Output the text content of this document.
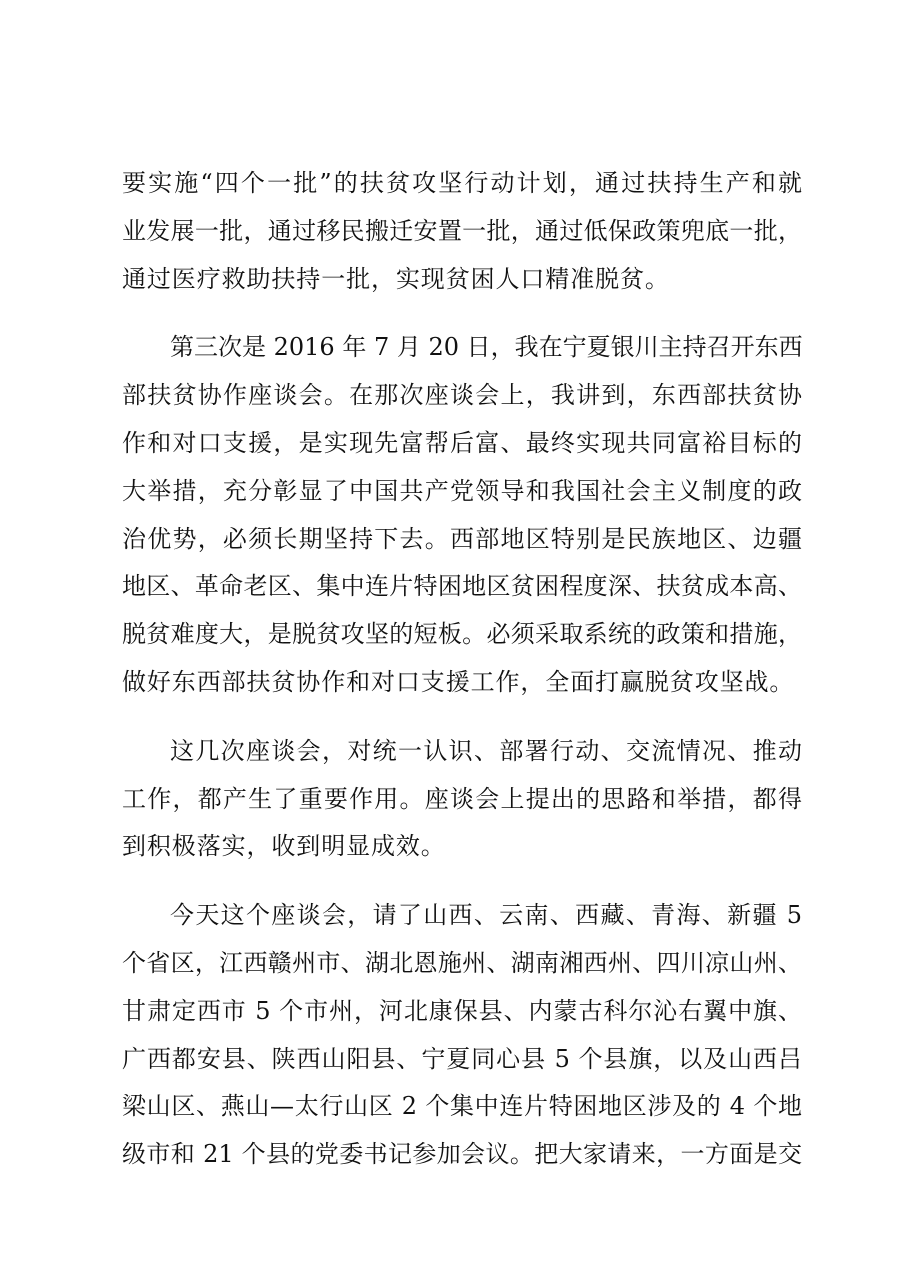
要实施“四个一批”的扶贫攻坚行动计划，通过扶持生产和就
业发展一批，通过移民搬迁安置一批，通过低保政策兜底一批，
通过医疗救助扶持一批，实现贫困人口精准脱贫。
第三次是 2016 年 7 月 20 日，我在宁夏银川主持召开东西
部扶贫协作座谈会。在那次座谈会上，我讲到，东西部扶贫协
作和对口支援，是实现先富帮后富、最终实现共同富裕目标的
大举措，充分彰显了中国共产党领导和我国社会主义制度的政
治优势，必须长期坚持下去。西部地区特别是民族地区、边疆
地区、革命老区、集中连片特困地区贫困程度深、扶贫成本高、
脱贫难度大，是脱贫攻坚的短板。必须采取系统的政策和措施，
做好东西部扶贫协作和对口支援工作，全面打赢脱贫攻坚战。
这几次座谈会，对统一认识、部署行动、交流情况、推动
工作，都产生了重要作用。座谈会上提出的思路和举措，都得
到积极落实，收到明显成效。
今天这个座谈会，请了山西、云南、西藏、青海、新疆 5
个省区，江西赣州市、湖北恩施州、湖南湘西州、四川凉山州、
甘肃定西市 5 个市州，河北康保县、内蒙古科尔沁右翼中旗、
广西都安县、陕西山阳县、宁夏同心县 5 个县旗，以及山西吕
梁山区、燕山—太行山区 2 个集中连片特困地区涉及的 4 个地
级市和 21 个县的党委书记参加会议。把大家请来，一方面是交
